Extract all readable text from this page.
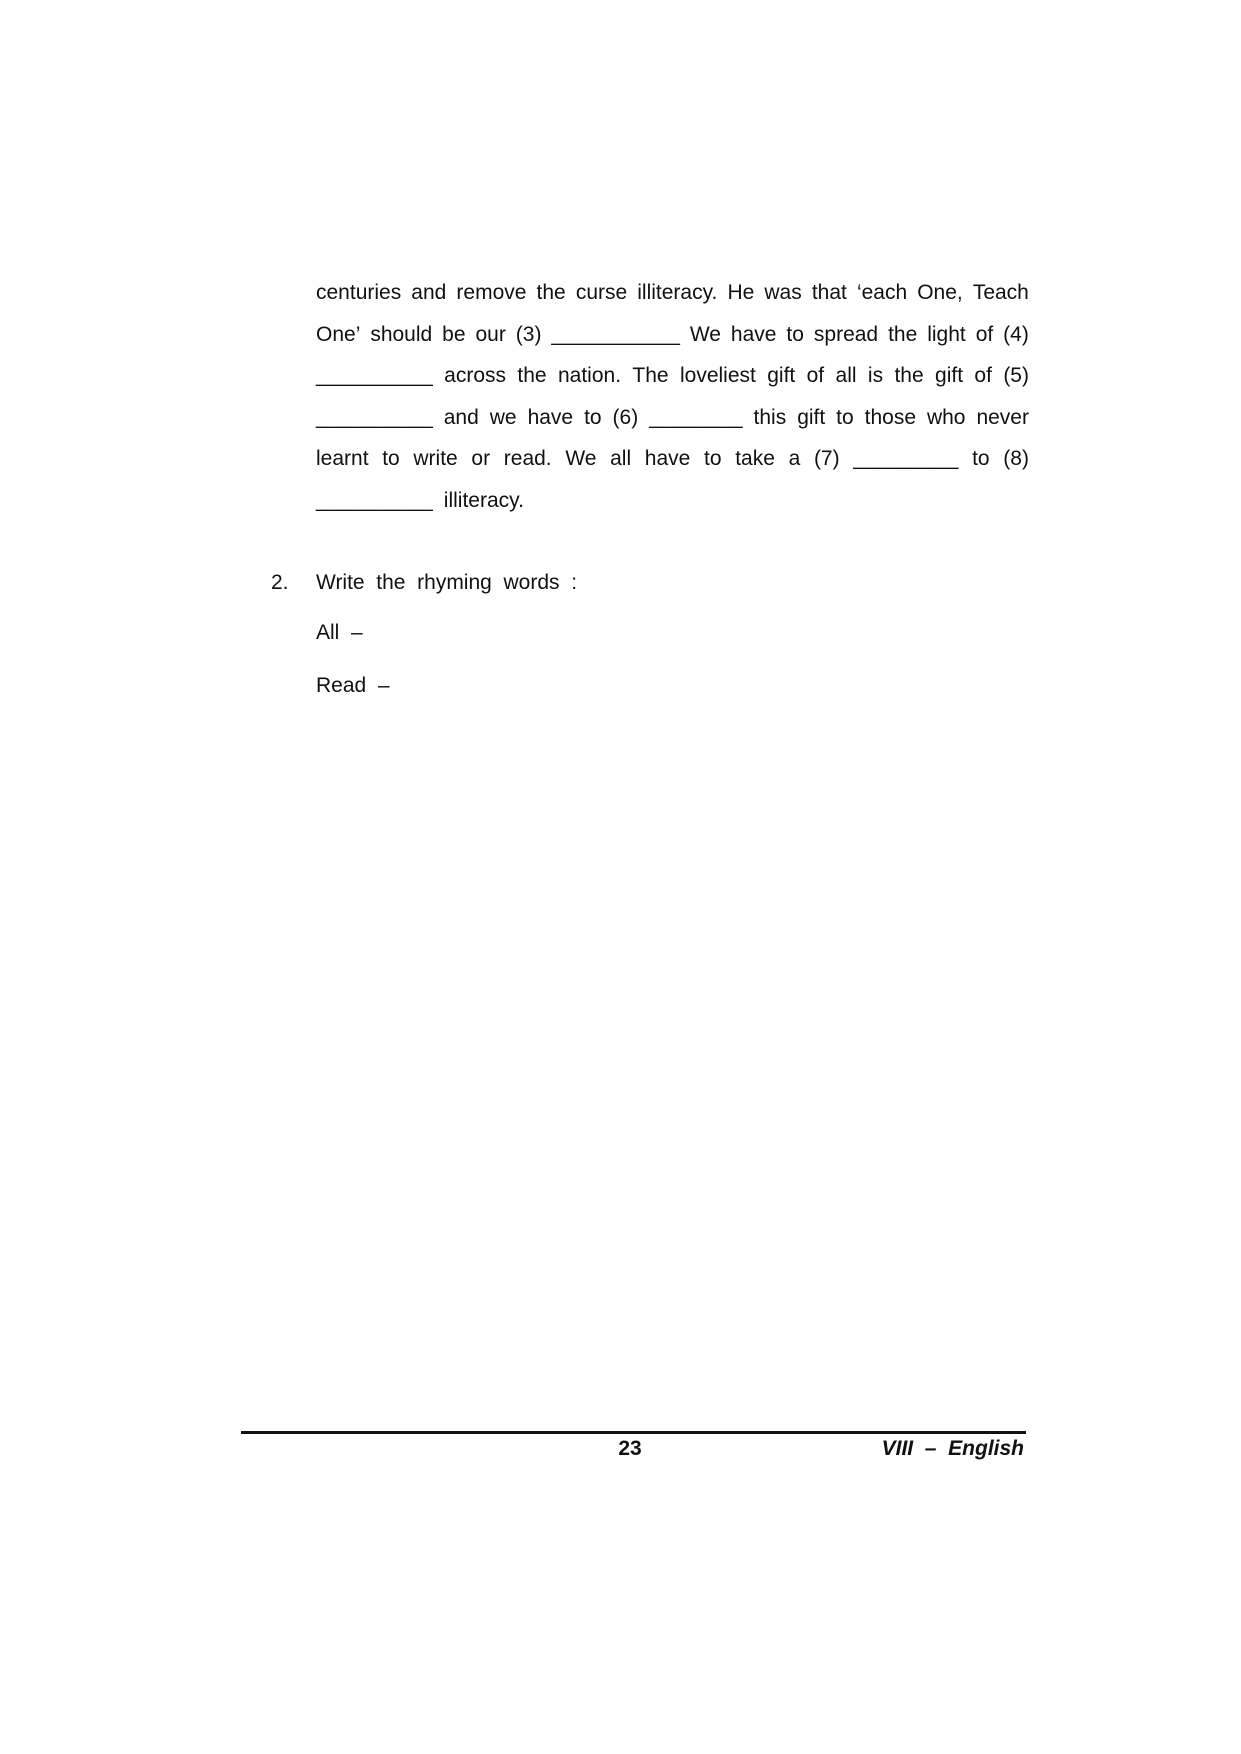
centuries and remove the curse illiteracy. He was that ‘each One, Teach
One’ should be our (3) ___________ We have to spread the light of (4)
__________ across the nation. The loveliest gift of all is the gift of (5)
__________ and we have to (6) ________ this gift to those who never
learnt to write or read. We all have to take a (7) _________ to (8)
__________ illiteracy.
2. Write  the  rhyming  words  :
All  –
Read  –
23	VIII  –  English
